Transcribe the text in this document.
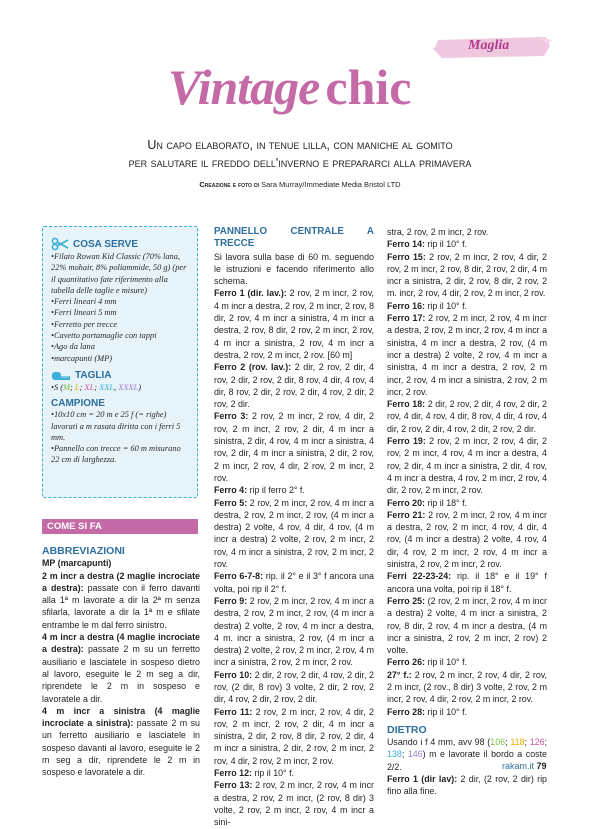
Maglia
Vintage chic
Un capo elaborato, in tenue lilla, con maniche al gomito
per salutare il freddo dell'inverno e prepararci alla primavera
Creazione e foto di Sara Murray/Immediate Media Bristol LTD
COSA SERVE
• Filato Rowan Kid Classic (70% lana, 22% mohair, 8% poliammide, 50 g) (per il quantitativo fate riferimento alla tabella delle taglie e misure)
• Ferri lineari 4 mm
• Ferri lineari 5 mm
• Ferretto per trecce
• Cavetto portamaglie con tappi
• Ago da lana
• marcapunti (MP)
TAGLIA
• S (M; L; XL; XXL, XXXL)
CAMPIONE
• 10x10 cm = 20 m e 25 f (= righe) lavorati a m rasata diritta con i ferri 5 mm.
• Pannello con trecce = 60 m misurano 22 cm di larghezza.
COME SI FA
ABBREVIAZIONI
MP (marcapunti)
2 m incr a destra (2 maglie incrociate a destra): passate con il ferro davanti alla 1ª m lavorate a dir la 2ª m senza sfilarla, lavorate a dir la 1ª m e sfilate entrambe le m dal ferro sinistro.
4 m incr a destra (4 maglie incrociate a destra): passate 2 m su un ferretto ausiliario e lasciatele in sospeso dietro al lavoro, eseguite le 2 m seg a dir, riprendete le 2 m in sospeso e lavoratele a dir.
4 m incr a sinistra (4 maglie incrociate a sinistra): passate 2 m su un ferretto ausiliario e lasciatele in sospeso davanti al lavoro, eseguite le 2 m seg a dir, riprendete le 2 m in sospeso e lavoratele a dir.
PANNELLO CENTRALE A TRECCE
Si lavora sulla base di 60 m. seguendo le istruzioni e facendo riferimento allo schema.
Ferro 1 (dir. lav.): 2 rov, 2 m incr, 2 rov, 4 m incr a destra, 2 rov, 2 m incr, 2 rov, 8 dir, 2 rov, 4 m incr a sinistra, 4 m incr a destra, 2 rov, 8 dir, 2 rov, 2 m incr, 2 rov, 4 m incr a sinistra, 2 rov, 4 m incr a destra, 2 rov, 2 m incr, 2 rov. [60 m]
Ferro 2 (rov. lav.): 2 dir, 2 rov, 2 dir, 4 rov, 2 dir, 2 rov, 2 dir, 8 rov, 4 dir, 4 rov, 4 dir, 8 rov, 2 dir, 2 rov, 2 dir, 4 rov, 2 dir, 2 rov, 2 dir.
Ferro 3: 2 rov, 2 m incr, 2 rov, 4 dir, 2 rov, 2 m incr, 2 rov, 2 dir, 4 m incr a sinistra, 2 dir, 4 rov, 4 m incr a sinistra, 4 rov, 2 dir, 4 m incr a sinistra, 2 dir, 2 rov, 2 m incr, 2 rov, 4 dir, 2 rov, 2 m incr, 2 rov.
Ferro 4: rip il ferro 2° f.
Ferro 5: 2 rov, 2 m incr, 2 rov, 4 m incr a destra, 2 rov, 2 m incr, 2 rov, (4 m incr a destra) 2 volte, 4 rov, 4 dir, 4 rov, (4 m incr a destra) 2 volte, 2 rov, 2 m incr, 2 rov, 4 m incr a sinistra, 2 rov, 2 m incr, 2 rov.
Ferro 6-7-8: rip. il 2° e il 3° f ancora una volta, poi rip il 2° f.
Ferro 9: 2 rov, 2 m incr, 2 rov, 4 m incr a destra, 2 rov, 2 m incr, 2 rov, (4 m incr a destra) 2 volte, 2 rov, 4 m incr a destra, 4 m. incr a sinistra, 2 rov, (4 m incr a destra) 2 volte, 2 rov, 2 m incr, 2 rov, 4 m incr a sinistra, 2 rov, 2 m incr, 2 rov.
Ferro 10: 2 dir, 2 rov, 2 dir, 4 rov, 2 dir, 2 rov, (2 dir, 8 rov) 3 volte, 2 dir, 2 rov, 2 dir, 4 rov, 2 dir, 2 rov, 2 dir.
Ferro 11: 2 rov, 2 m incr, 2 rov, 4 dir, 2 rov, 2 m incr, 2 rov, 2 dir, 4 m incr a sinistra, 2 dir, 2 rov, 8 dir, 2 rov, 2 dir, 4 m incr a sinistra, 2 dir, 2 rov, 2 m incr, 2 rov, 4 dir, 2 rov, 2 m incr, 2 rov.
Ferro 12: rip il 10° f.
Ferro 13: 2 rov, 2 m incr, 2 rov, 4 m incr a destra, 2 rov, 2 m incr, (2 rov, 8 dir) 3 volte, 2 rov, 2 m incr, 2 rov, 4 m incr a sini-
stra, 2 rov, 2 m incr, 2 rov.
Ferro 14: rip il 10° f.
Ferro 15: 2 rov, 2 m incr, 2 rov, 4 dir, 2 rov, 2 m incr, 2 rov, 8 dir, 2 rov, 2 dir, 4 m incr a sinistra, 2 dir, 2 rov, 8 dir, 2 rov, 2 m. incr, 2 rov, 4 dir, 2 rov, 2 m incr, 2 rov.
Ferro 16: rip il 10° f.
Ferro 17: 2 rov, 2 m incr, 2 rov, 4 m incr a destra, 2 rov, 2 m incr, 2 rov, 4 m incr a sinistra, 4 m incr a destra, 2 rov, (4 m incr a destra) 2 volte, 2 rov, 4 m incr a sinistra, 4 m incr a destra, 2 rov, 2 m incr, 2 rov, 4 m incr a sinistra, 2 rov, 2 m incr, 2 rov.
Ferro 18: 2 dir, 2 rov, 2 dir, 4 rov, 2 dir, 2 rov, 4 dir, 4 rov, 4 dir, 8 rov, 4 dir, 4 rov, 4 dir, 2 rov, 2 dir, 4 rov, 2 dir, 2 rov, 2 dir.
Ferro 19: 2 rov, 2 m incr, 2 rov, 4 dir, 2 rov, 2 m incr, 4 rov, 4 m incr a destra, 4 rov, 2 dir, 4 m incr a sinistra, 2 dir, 4 rov, 4 m incr a destra, 4 rov, 2 m incr, 2 rov, 4 dir, 2 rov, 2 m incr, 2 rov.
Ferro 20: rip il 18° f.
Ferro 21: 2 rov, 2 m incr, 2 rov, 4 m incr a destra, 2 rov, 2 m incr, 4 rov, 4 dir, 4 rov, (4 m incr a destra) 2 volte, 4 rov, 4 dir, 4 rov, 2 m incr, 2 rov, 4 m incr a sinistra, 2 rov, 2 m incr, 2 rov.
Ferri 22-23-24: rip. il 18° e il 19° f ancora una volta, poi rip il 18° f.
Ferro 25: (2 rov, 2 m incr, 2 rov, 4 m incr a destra) 2 volte, 4 m incr a sinistra, 2 rov, 8 dir, 2 rov, 4 m incr a destra, (4 m incr a sinistra, 2 rov, 2 m incr, 2 rov) 2 volte.
Ferro 26: rip il 10° f.
27° f.: 2 rov, 2 m incr, 2 rov, 4 dir, 2 rov, 2 m incr, (2 rov., 8 dir) 3 volte, 2 rov, 2 m incr, 2 rov, 4 dir, 2 rov, 2 m incr, 2 rov.
Ferro 28: rip il 10° f.
DIETRO
Usando i f 4 mm, avv 98 (106; 118; 126; 138; 146) m e lavorate il bordo a coste 2/2.
Ferro 1 (dir lav): 2 dir, (2 rov, 2 dir) rip fino alla fine.
rakam.it 79
